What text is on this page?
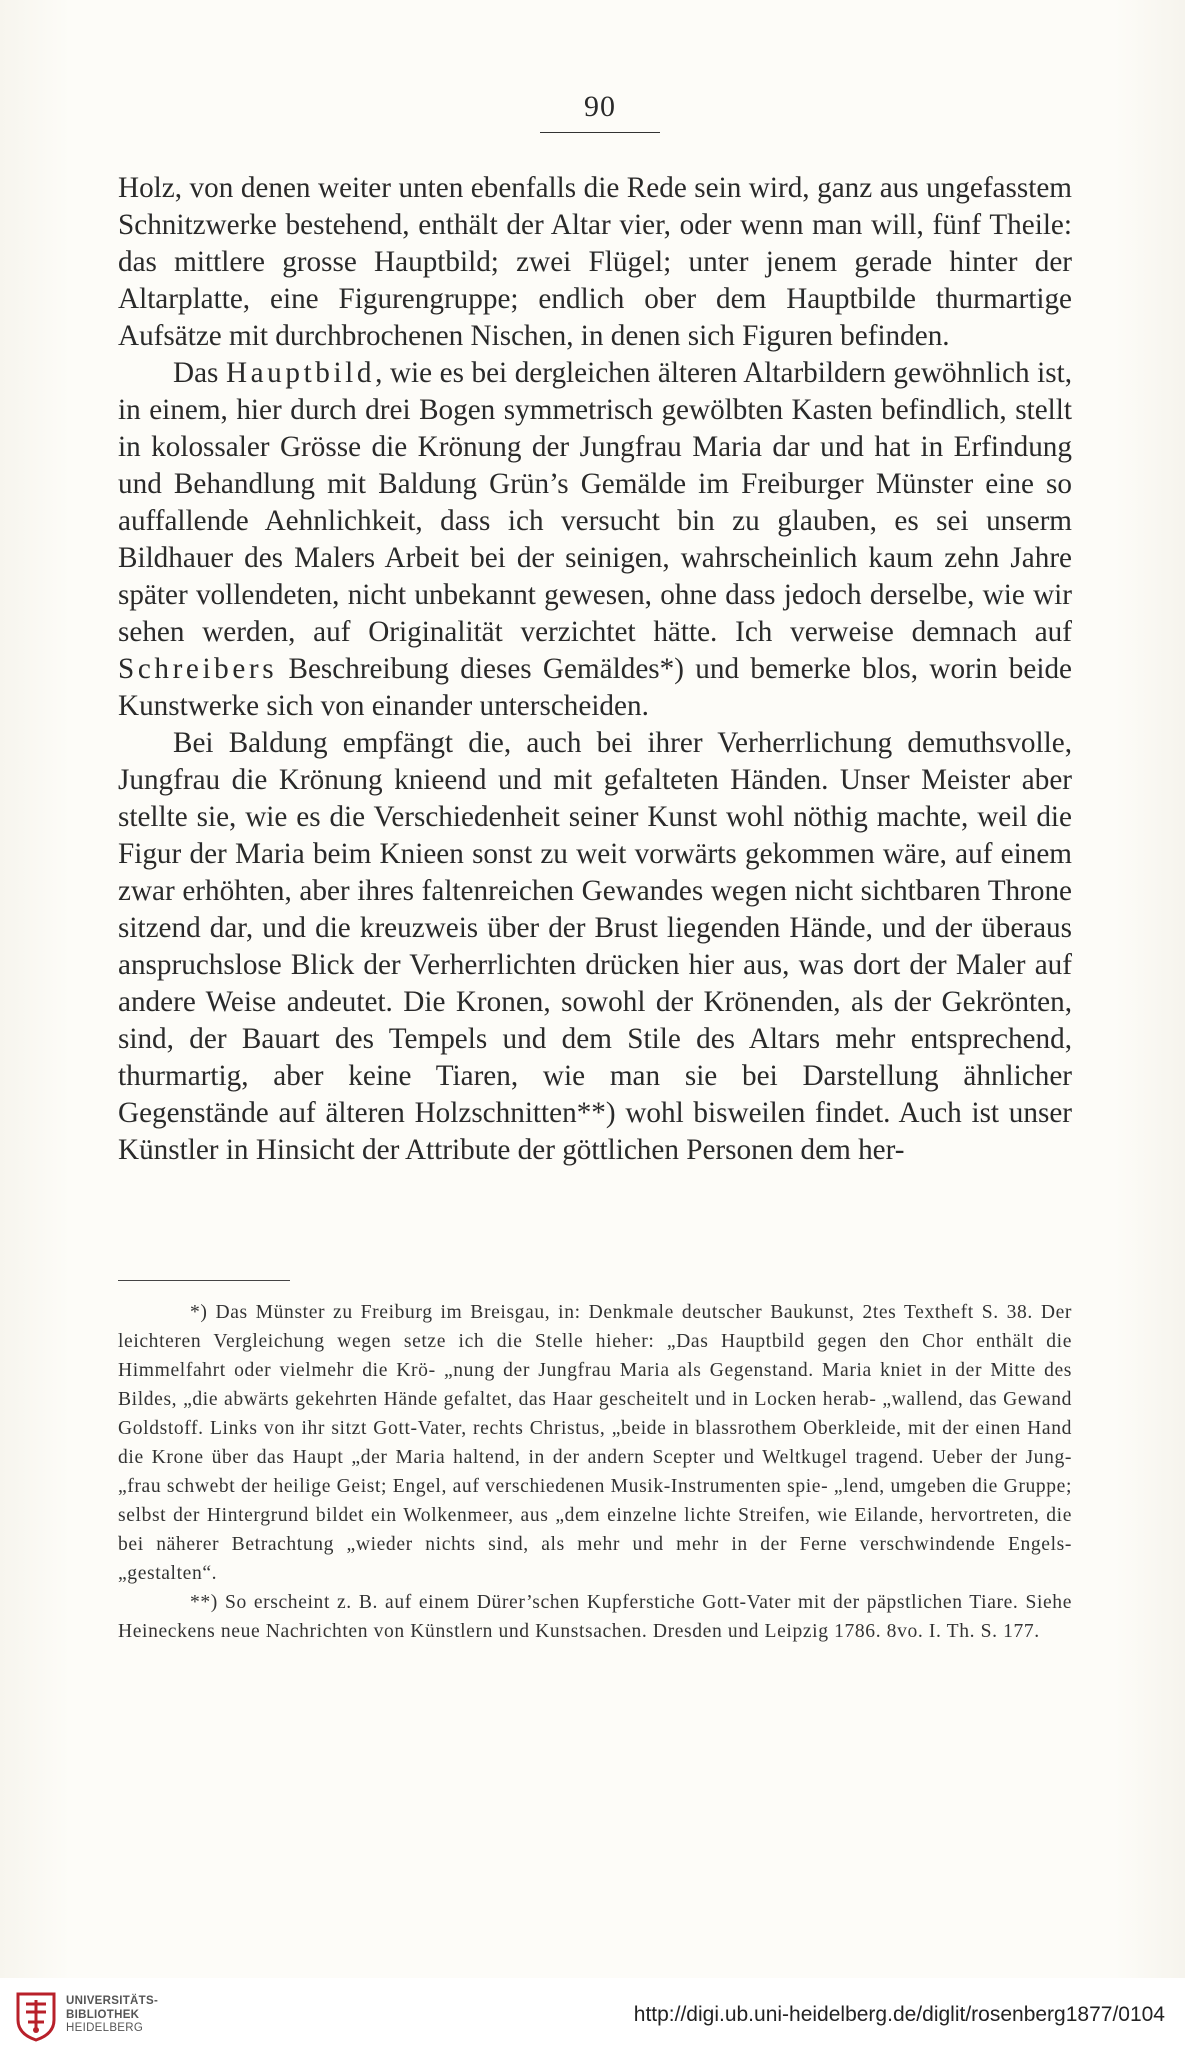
90

Holz, von denen weiter unten ebenfalls die Rede sein wird, ganz aus ungefasstem Schnitzwerke bestehend, enthält der Altar vier, oder wenn man will, fünf Theile: das mittlere grosse Hauptbild; zwei Flügel; unter jenem gerade hinter der Altarplatte, eine Figurengruppe; endlich ober dem Hauptbilde thurmartige Aufsätze mit durchbrochenen Nischen, in denen sich Figuren befinden.

Das Hauptbild, wie es bei dergleichen älteren Altarbildern gewöhnlich ist, in einem, hier durch drei Bogen symmetrisch gewölbten Kasten befindlich, stellt in kolossaler Grösse die Krönung der Jungfrau Maria dar und hat in Erfindung und Behandlung mit Baldung Grün’s Gemälde im Freiburger Münster eine so auffallende Aehnlichkeit, dass ich versucht bin zu glauben, es sei unserm Bildhauer des Malers Arbeit bei der seinigen, wahrscheinlich kaum zehn Jahre später vollendeten, nicht unbekannt gewesen, ohne dass jedoch derselbe, wie wir sehen werden, auf Originalität verzichtet hätte. Ich verweise demnach auf Schreibers Beschreibung dieses Gemäldes*) und bemerke blos, worin beide Kunstwerke sich von einander unterscheiden.

Bei Baldung empfängt die, auch bei ihrer Verherrlichung demuthsvolle, Jungfrau die Krönung knieend und mit gefalteten Händen. Unser Meister aber stellte sie, wie es die Verschiedenheit seiner Kunst wohl nöthig machte, weil die Figur der Maria beim Knieen sonst zu weit vorwärts gekommen wäre, auf einem zwar erhöhten, aber ihres faltenreichen Gewandes wegen nicht sichtbaren Throne sitzend dar, und die kreuzweis über der Brust liegenden Hände, und der überaus anspruchslose Blick der Verherrlichten drücken hier aus, was dort der Maler auf andere Weise andeutet. Die Kronen, sowohl der Krönenden, als der Gekrönten, sind, der Bauart des Tempels und dem Stile des Altars mehr entsprechend, thurmartig, aber keine Tiaren, wie man sie bei Darstellung ähnlicher Gegenstände auf älteren Holzschnitten**) wohl bisweilen findet. Auch ist unser Künstler in Hinsicht der Attribute der göttlichen Personen dem her-

*) Das Münster zu Freiburg im Breisgau, in: Denkmale deutscher Baukunst, 2tes Textheft S. 38. Der leichteren Vergleichung wegen setze ich die Stelle hieher: „Das Hauptbild gegen den Chor enthält die Himmelfahrt oder vielmehr die Krö- „nung der Jungfrau Maria als Gegenstand. Maria kniet in der Mitte des Bildes, „die abwärts gekehrten Hände gefaltet, das Haar gescheitelt und in Locken herab- „wallend, das Gewand Goldstoff. Links von ihr sitzt Gott-Vater, rechts Christus, „beide in blassrothem Oberkleide, mit der einen Hand die Krone über das Haupt „der Maria haltend, in der andern Scepter und Weltkugel tragend. Ueber der Jung- „frau schwebt der heilige Geist; Engel, auf verschiedenen Musik-Instrumenten spie- „lend, umgeben die Gruppe; selbst der Hintergrund bildet ein Wolkenmeer, aus „dem einzelne lichte Streifen, wie Eilande, hervortreten, die bei näherer Betrachtung „wieder nichts sind, als mehr und mehr in der Ferne verschwindende Engels- „gestalten“.

**) So erscheint z. B. auf einem Dürer’schen Kupferstiche Gott-Vater mit der päpstlichen Tiare. Siehe Heineckens neue Nachrichten von Künstlern und Kunstsachen. Dresden und Leipzig 1786. 8vo. I. Th. S. 177.

UNIVERSITÄTS-
BIBLIOTHEK
HEIDELBERG
http://digi.ub.uni-heidelberg.de/diglit/rosenberg1877/0104
